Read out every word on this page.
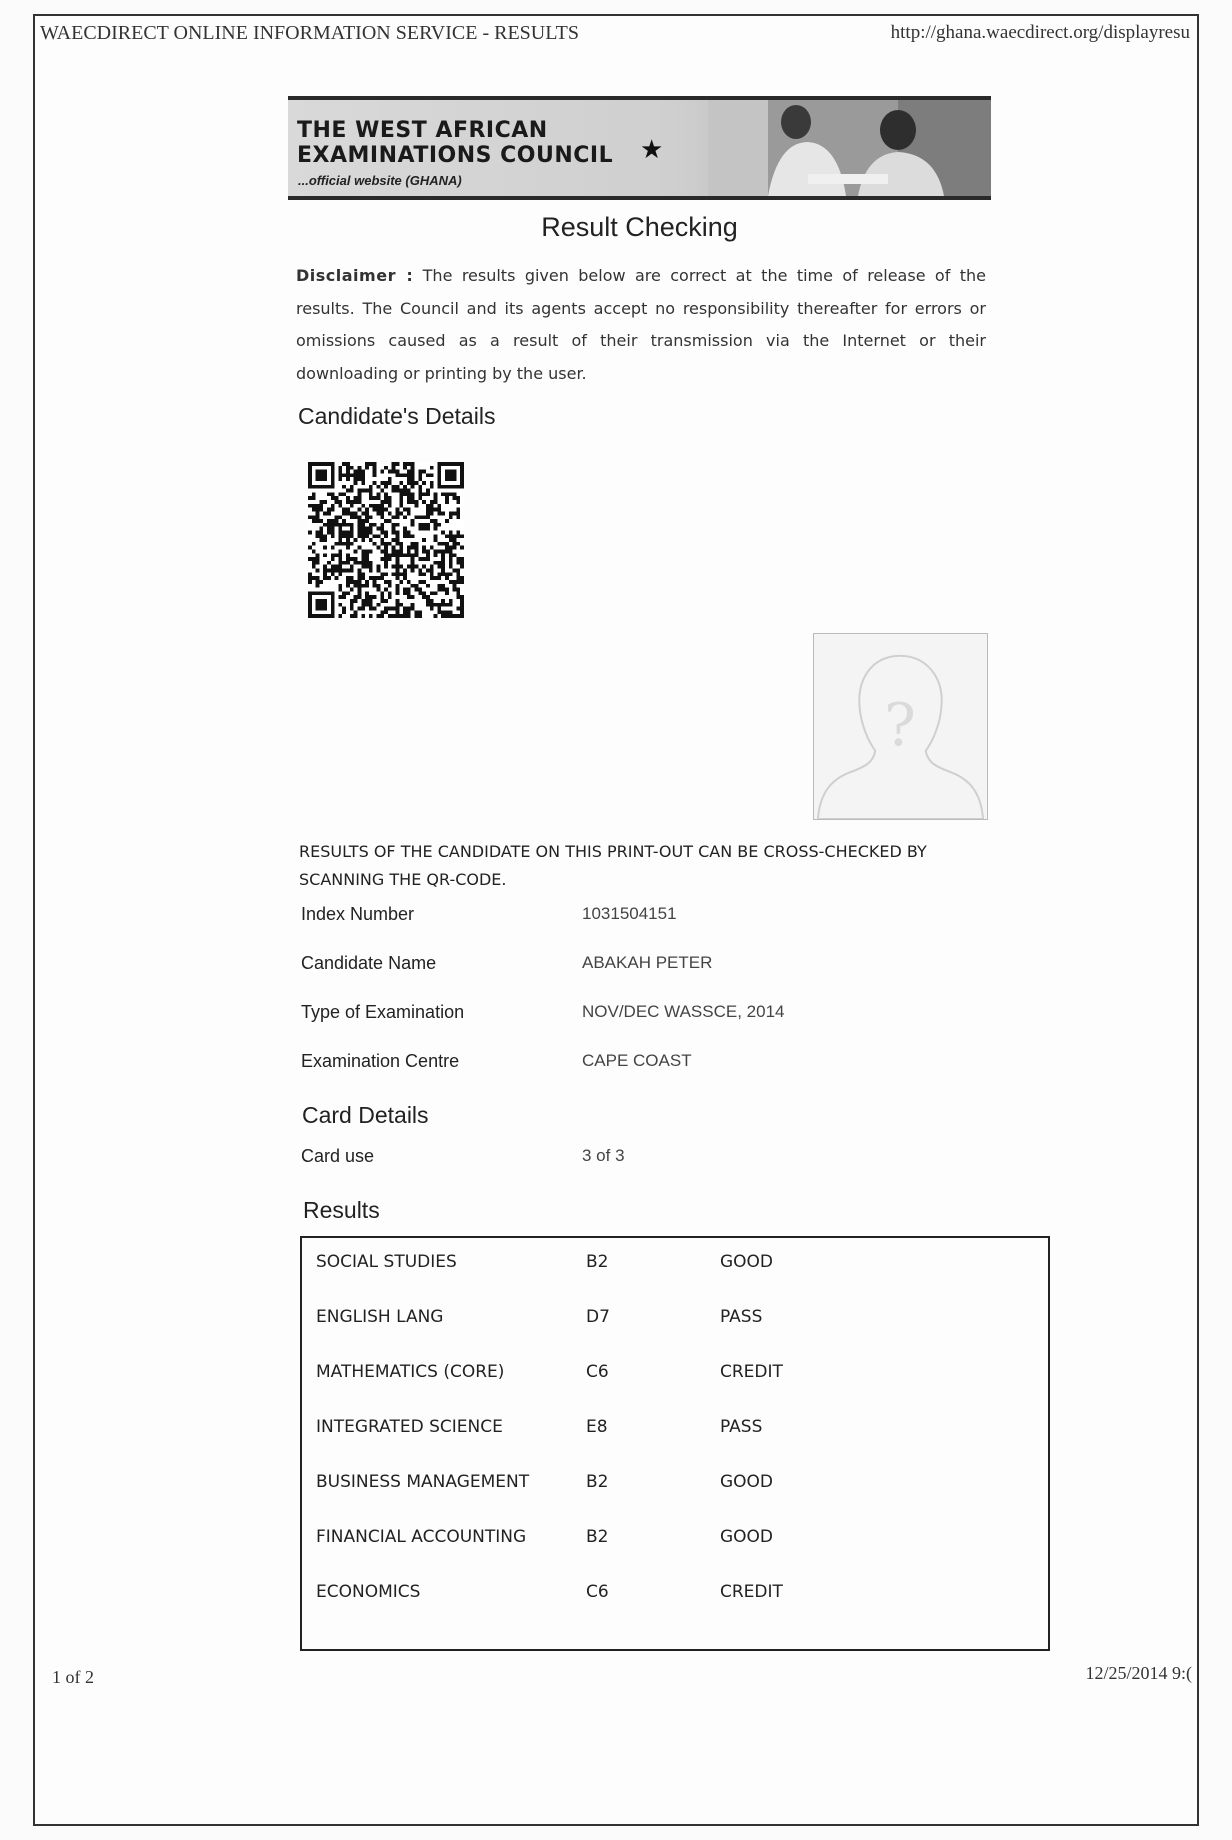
WAECDIRECT ONLINE INFORMATION SERVICE - RESULTS	http://ghana.waecdirect.org/displayresu
THE WEST AFRICAN
EXAMINATIONS COUNCIL
...official website (GHANA)
★
Result Checking
Disclaimer : The results given below are correct at the time of release of the results. The Council and its agents accept no responsibility thereafter for errors or omissions caused as a result of their transmission via the Internet or their downloading or printing by the user.
Candidate's Details
?
RESULTS OF THE CANDIDATE ON THIS PRINT-OUT CAN BE CROSS-CHECKED BY SCANNING THE QR-CODE.
Index Number	1031504151
Candidate Name	ABAKAH PETER
Type of Examination	NOV/DEC WASSCE, 2014
Examination Centre	CAPE COAST
Card Details
Card use	3 of 3
Results
SOCIAL STUDIES	B2	GOOD
ENGLISH LANG	D7	PASS
MATHEMATICS (CORE)	C6	CREDIT
INTEGRATED SCIENCE	E8	PASS
BUSINESS MANAGEMENT	B2	GOOD
FINANCIAL ACCOUNTING	B2	GOOD
ECONOMICS	C6	CREDIT
1 of 2	12/25/2014 9:(
